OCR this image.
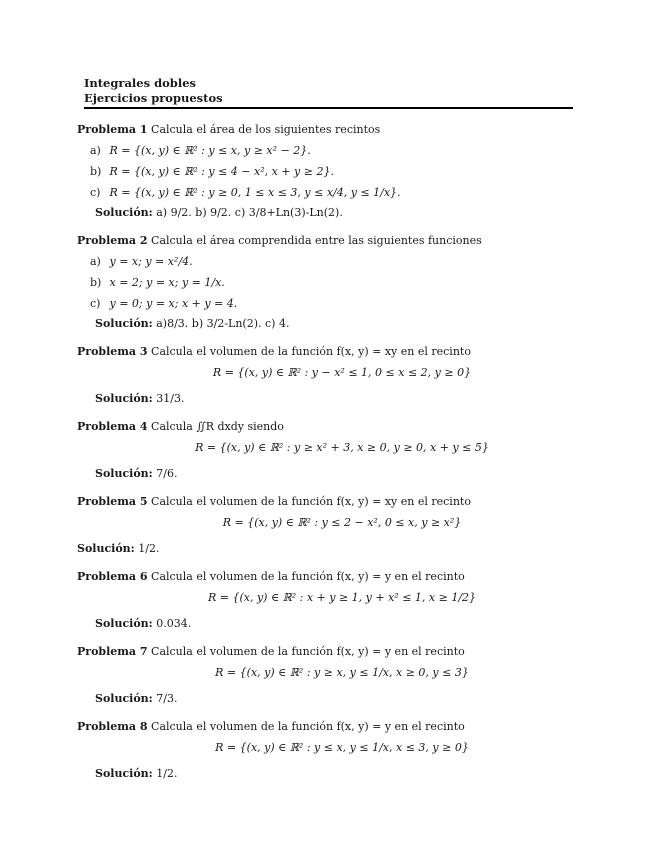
Integrales dobles
Ejercicios propuestos
Problema 1 Calcula el área de los siguientes recintos
a) R = {(x, y) ∈ ℝ² : y ≤ x, y ≥ x² − 2}.
b) R = {(x, y) ∈ ℝ² : y ≤ 4 − x², x + y ≥ 2}.
c) R = {(x, y) ∈ ℝ² : y ≥ 0, 1 ≤ x ≤ 3, y ≤ x/4, y ≤ 1/x}.
Solución: a) 9/2. b) 9/2. c) 3/8+Ln(3)-Ln(2).
Problema 2 Calcula el área comprendida entre las siguientes funciones
a) y = x; y = x²/4.
b) x = 2; y = x; y = 1/x.
c) y = 0; y = x; x + y = 4.
Solución: a)8/3. b) 3/2-Ln(2). c) 4.
Problema 3 Calcula el volumen de la función f(x, y) = xy en el recinto
R = {(x, y) ∈ ℝ² : y − x² ≤ 1, 0 ≤ x ≤ 2, y ≥ 0}
Solución: 31/3.
Problema 4 Calcula ∬R dxdy siendo
R = {(x, y) ∈ ℝ² : y ≥ x² + 3, x ≥ 0, y ≥ 0, x + y ≤ 5}
Solución: 7/6.
Problema 5 Calcula el volumen de la función f(x, y) = xy en el recinto
R = {(x, y) ∈ ℝ² : y ≤ 2 − x², 0 ≤ x, y ≥ x²}
Solución: 1/2.
Problema 6 Calcula el volumen de la función f(x, y) = y en el recinto
R = {(x, y) ∈ ℝ² : x + y ≥ 1, y + x² ≤ 1, x ≥ 1/2}
Solución: 0.034.
Problema 7 Calcula el volumen de la función f(x, y) = y en el recinto
R = {(x, y) ∈ ℝ² : y ≥ x, y ≤ 1/x, x ≥ 0, y ≤ 3}
Solución: 7/3.
Problema 8 Calcula el volumen de la función f(x, y) = y en el recinto
R = {(x, y) ∈ ℝ² : y ≤ x, y ≤ 1/x, x ≤ 3, y ≥ 0}
Solución: 1/2.
